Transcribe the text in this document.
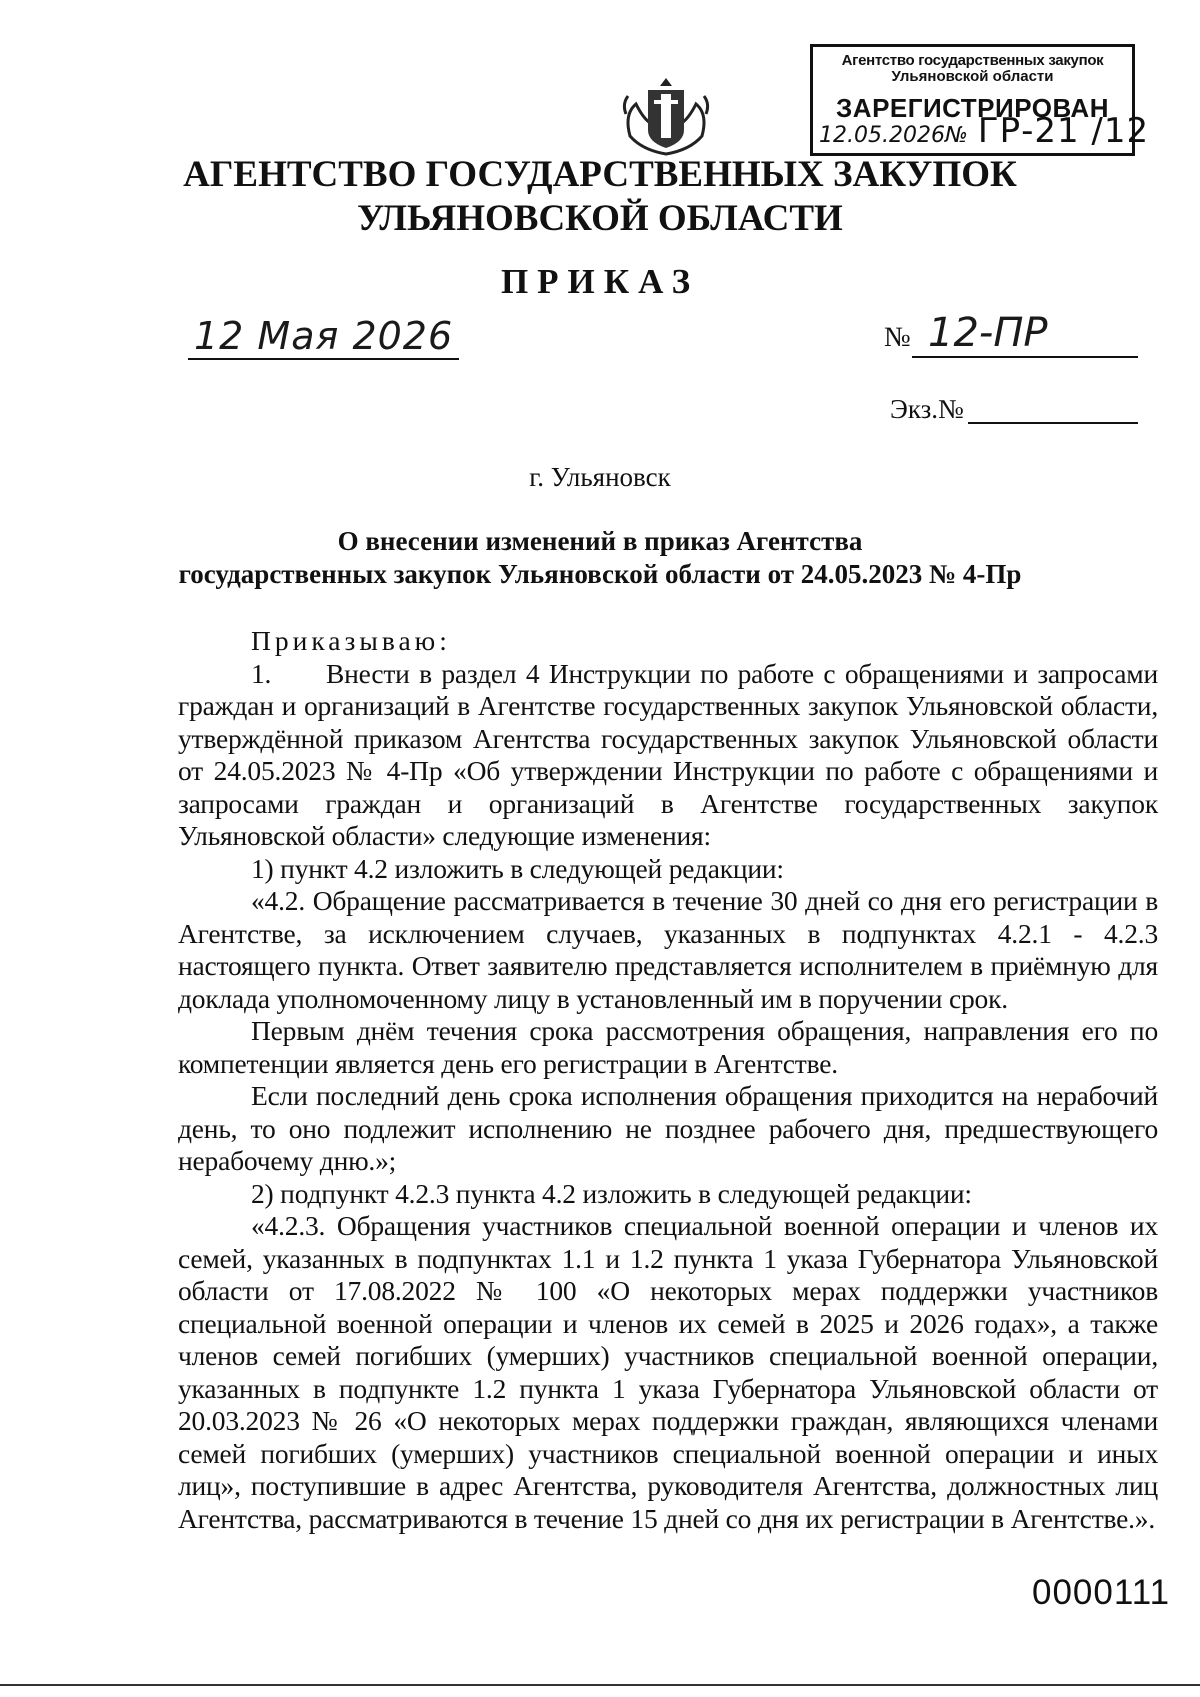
Агентство государственных закупок
Ульяновской области
ЗАРЕГИСТРИРОВАН
12.05.2026№ ГР-21 /12
АГЕНТСТВО ГОСУДАРСТВЕННЫХ ЗАКУПОК
УЛЬЯНОВСКОЙ ОБЛАСТИ
ПРИКАЗ
12 Мая 2026	№ 12-ПР
Экз.№
г. Ульяновск
О внесении изменений в приказ Агентства
государственных закупок Ульяновской области от 24.05.2023 № 4-Пр

Приказываю:

1. Внести в раздел 4 Инструкции по работе с обращениями и запросами граждан и организаций в Агентстве государственных закупок Ульяновской области, утверждённой приказом Агентства государственных закупок Ульяновской области от 24.05.2023 № 4-Пр «Об утверждении Инструкции по работе с обращениями и запросами граждан и организаций в Агентстве государственных закупок Ульяновской области» следующие изменения:

1) пункт 4.2 изложить в следующей редакции:

«4.2. Обращение рассматривается в течение 30 дней со дня его регистрации в Агентстве, за исключением случаев, указанных в подпунктах 4.2.1 - 4.2.3 настоящего пункта. Ответ заявителю представляется исполнителем в приёмную для доклада уполномоченному лицу в установленный им в поручении срок.

Первым днём течения срока рассмотрения обращения, направления его по компетенции является день его регистрации в Агентстве.

Если последний день срока исполнения обращения приходится на нерабочий день, то оно подлежит исполнению не позднее рабочего дня, предшествующего нерабочему дню.»;

2) подпункт 4.2.3 пункта 4.2 изложить в следующей редакции:

«4.2.3. Обращения участников специальной военной операции и членов их семей, указанных в подпунктах 1.1 и 1.2 пункта 1 указа Губернатора Ульяновской области от 17.08.2022 № 100 «О некоторых мерах поддержки участников специальной военной операции и членов их семей в 2025 и 2026 годах», а также членов семей погибших (умерших) участников специальной военной операции, указанных в подпункте 1.2 пункта 1 указа Губернатора Ульяновской области от 20.03.2023 № 26 «О некоторых мерах поддержки граждан, являющихся членами семей погибших (умерших) участников специальной военной операции и иных лиц», поступившие в адрес Агентства, руководителя Агентства, должностных лиц Агентства, рассматриваются в течение 15 дней со дня их регистрации в Агентстве.».

0000111
